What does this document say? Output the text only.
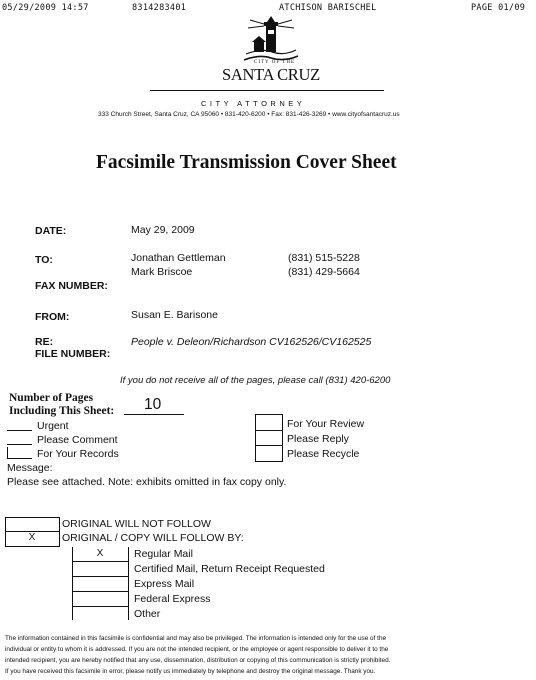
05/29/2009 14:57	8314283401	ATCHISON BARISCHEL	PAGE 01/09
CITY OF THE
SANTA CRUZ
CITY ATTORNEY
333 Church Street, Santa Cruz, CA 95060 • 831-420-6200 • Fax: 831-426-3269 • www.cityofsantacruz.us
Facsimile Transmission Cover Sheet
DATE:	May 29, 2009
TO:	Jonathan Gettleman	(831) 515-5228
Mark Briscoe	(831) 429-5664
FAX NUMBER:
FROM:	Susan E. Barisone
RE:	People v. Deleon/Richardson CV162526/CV162525
FILE NUMBER:
If you do not receive all of the pages, please call (831) 420-6200
Number of Pages
Including This Sheet: 10
Urgent
Please Comment
For Your Records
For Your Review
Please Reply
Please Recycle
Message:
Please see attached. Note: exhibits omitted in fax copy only.
X
ORIGINAL WILL NOT FOLLOW
ORIGINAL / COPY WILL FOLLOW BY:
X	Regular Mail
Certified Mail, Return Receipt Requested
Express Mail
Federal Express
Other
The information contained in this facsimile is confidential and may also be privileged. The information is intended only for the use of the
individual or entity to whom it is addressed. If you are not the intended recipient, or the employee or agent responsible to deliver it to the
intended recipient, you are hereby notified that any use, dissemination, distribution or copying of this communication is strictly prohibited.
If you have received this facsimile in error, please notify us immediately by telephone and destroy the original message. Thank you.
